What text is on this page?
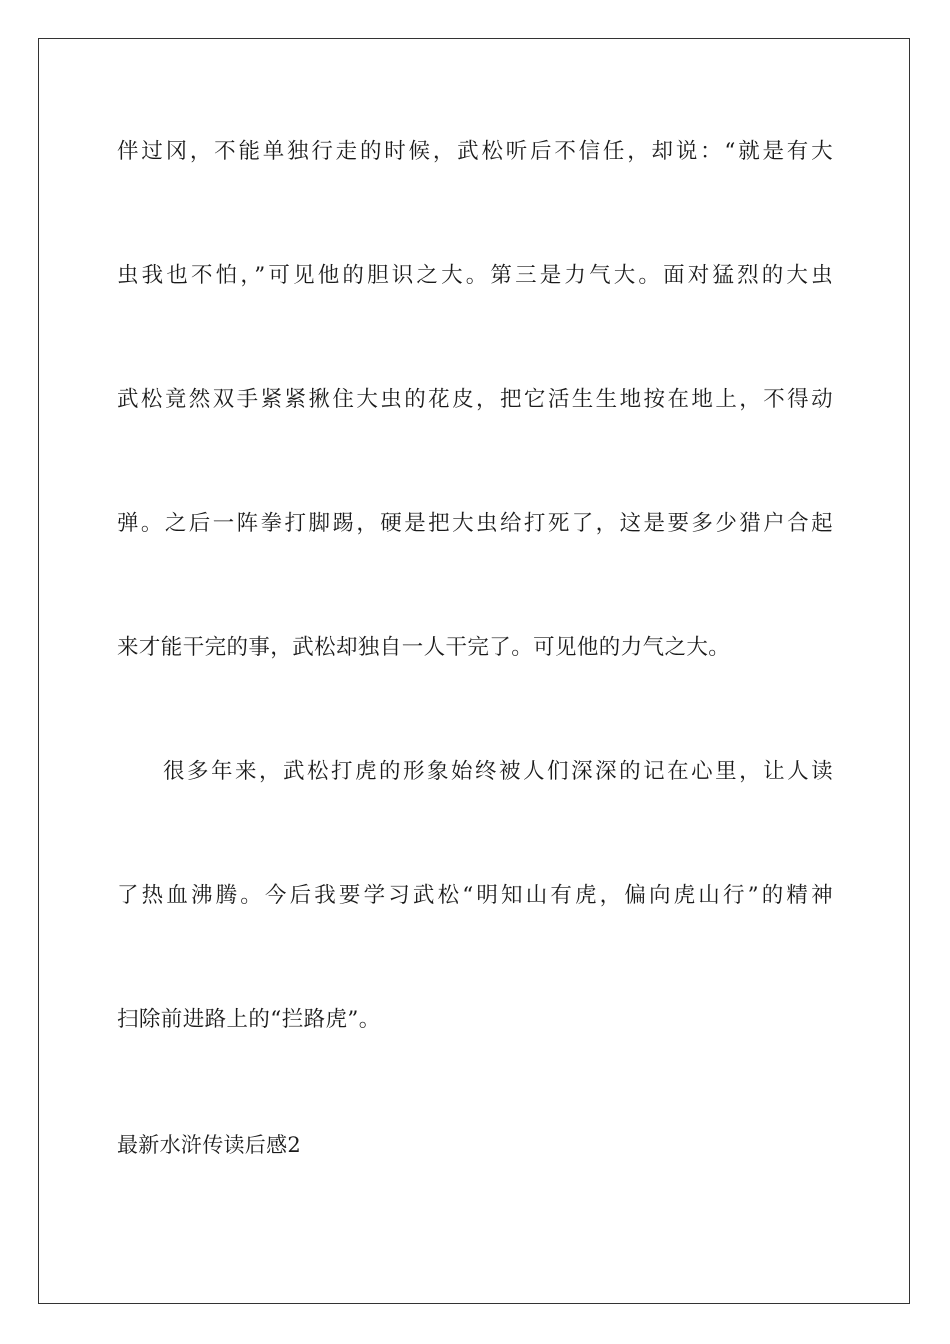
伴过冈，不能单独行走的时候，武松听后不信任，却说：“就是有大
虫我也不怕，”可见他的胆识之大。第三是力气大。面对猛烈的大虫
武松竟然双手紧紧揪住大虫的花皮，把它活生生地按在地上，不得动
弹。之后一阵拳打脚踢，硬是把大虫给打死了，这是要多少猎户合起
来才能干完的事，武松却独自一人干完了。可见他的力气之大。
很多年来，武松打虎的形象始终被人们深深的记在心里，让人读
了热血沸腾。今后我要学习武松“明知山有虎，偏向虎山行”的精神
扫除前进路上的“拦路虎”。
最新水浒传读后感2
